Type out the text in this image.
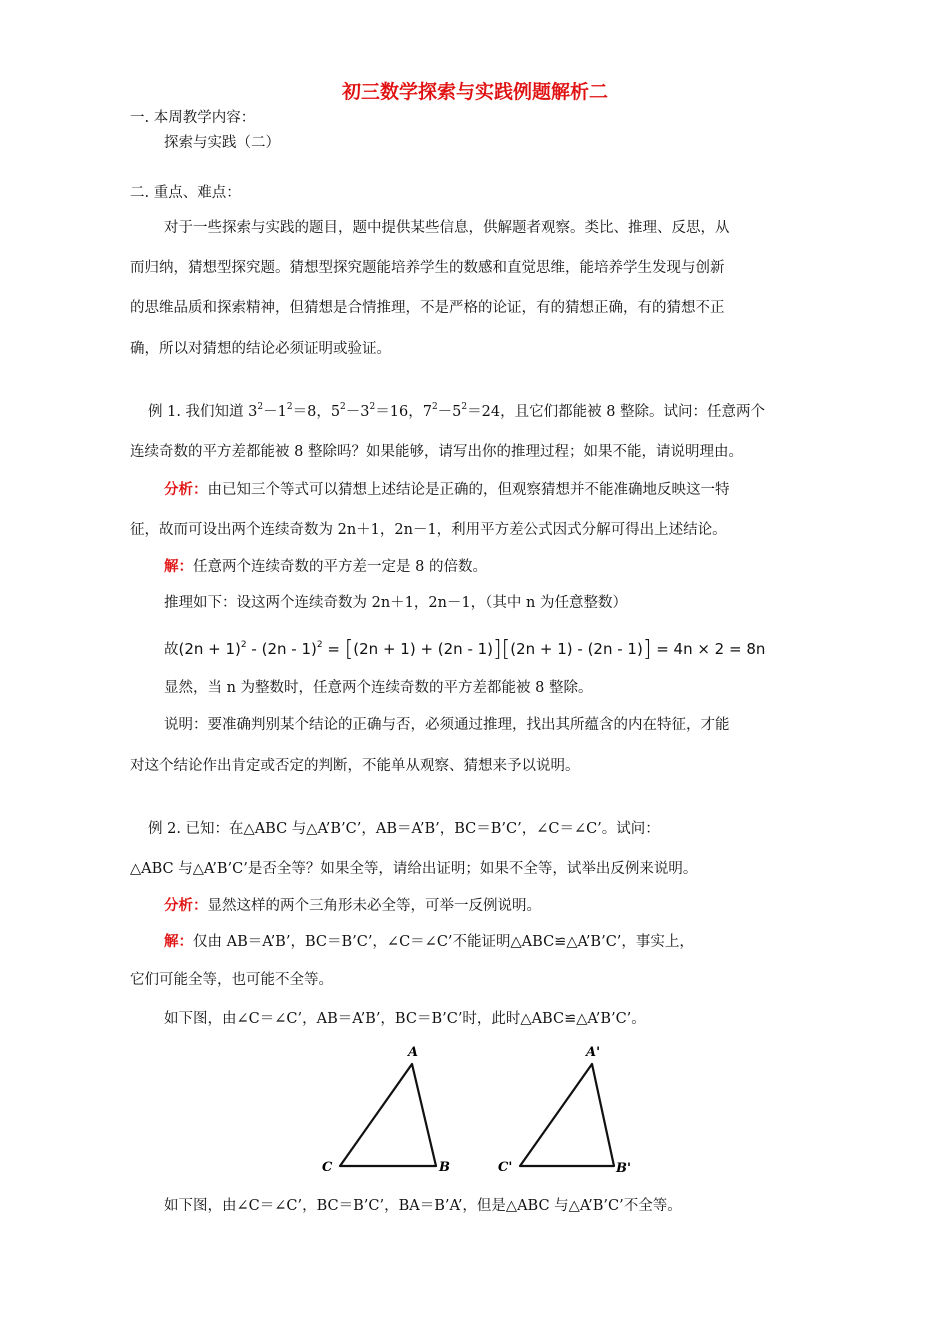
初三数学探索与实践例题解析二
一. 本周教学内容：
探索与实践（二）
二. 重点、难点：
对于一些探索与实践的题目，题中提供某些信息，供解题者观察。类比、推理、反思，从
而归纳，猜想型探究题。猜想型探究题能培养学生的数感和直觉思维，能培养学生发现与创新
的思维品质和探索精神，但猜想是合情推理，不是严格的论证，有的猜想正确，有的猜想不正
确，所以对猜想的结论必须证明或验证。
例 1. 我们知道 $3^2-1^2=8$，$5^2-3^2=16$，$7^2-5^2=24$，且它们都能被 8 整除。试问：任意两个
连续奇数的平方差都能被 8 整除吗？如果能够，请写出你的推理过程；如果不能，请说明理由。
分析：由已知三个等式可以猜想上述结论是正确的，但观察猜想并不能准确地反映这一特
征，故而可设出两个连续奇数为 2n＋1，2n－1，利用平方差公式因式分解可得出上述结论。
解：任意两个连续奇数的平方差一定是 8 的倍数。
推理如下：设这两个连续奇数为 2n＋1，2n－1，（其中 n 为任意整数）
故$(2n + 1)^2 - (2n - 1)^2 = [(2n + 1) + (2n - 1)][(2n + 1) - (2n - 1)] = 4n \times 2 = 8n$
显然，当 n 为整数时，任意两个连续奇数的平方差都能被 8 整除。
说明：要准确判别某个结论的正确与否，必须通过推理，找出其所蕴含的内在特征，才能
对这个结论作出肯定或否定的判断，不能单从观察、猜想来予以说明。
例 2. 已知：在△ABC 与△A’B’C’，AB＝A’B’，BC＝B’C’，∠C＝∠C’。试问：
△ABC 与△A’B’C’是否全等？如果全等，请给出证明；如果不全等，试举出反例来说明。
分析：显然这样的两个三角形未必全等，可举一反例说明。
解：仅由 AB＝A’B’，BC＝B’C’，∠C＝∠C’不能证明△ABC≌△A’B’C’，事实上，
它们可能全等，也可能不全等。
如下图，由∠C＝∠C’，AB＝A’B’，BC＝B’C’时，此时△ABC≌△A’B’C’。
A
C	B
A'
C'	B'
如下图，由∠C＝∠C’，BC＝B’C’，BA＝B’A’，但是△ABC 与△A’B’C’不全等。
